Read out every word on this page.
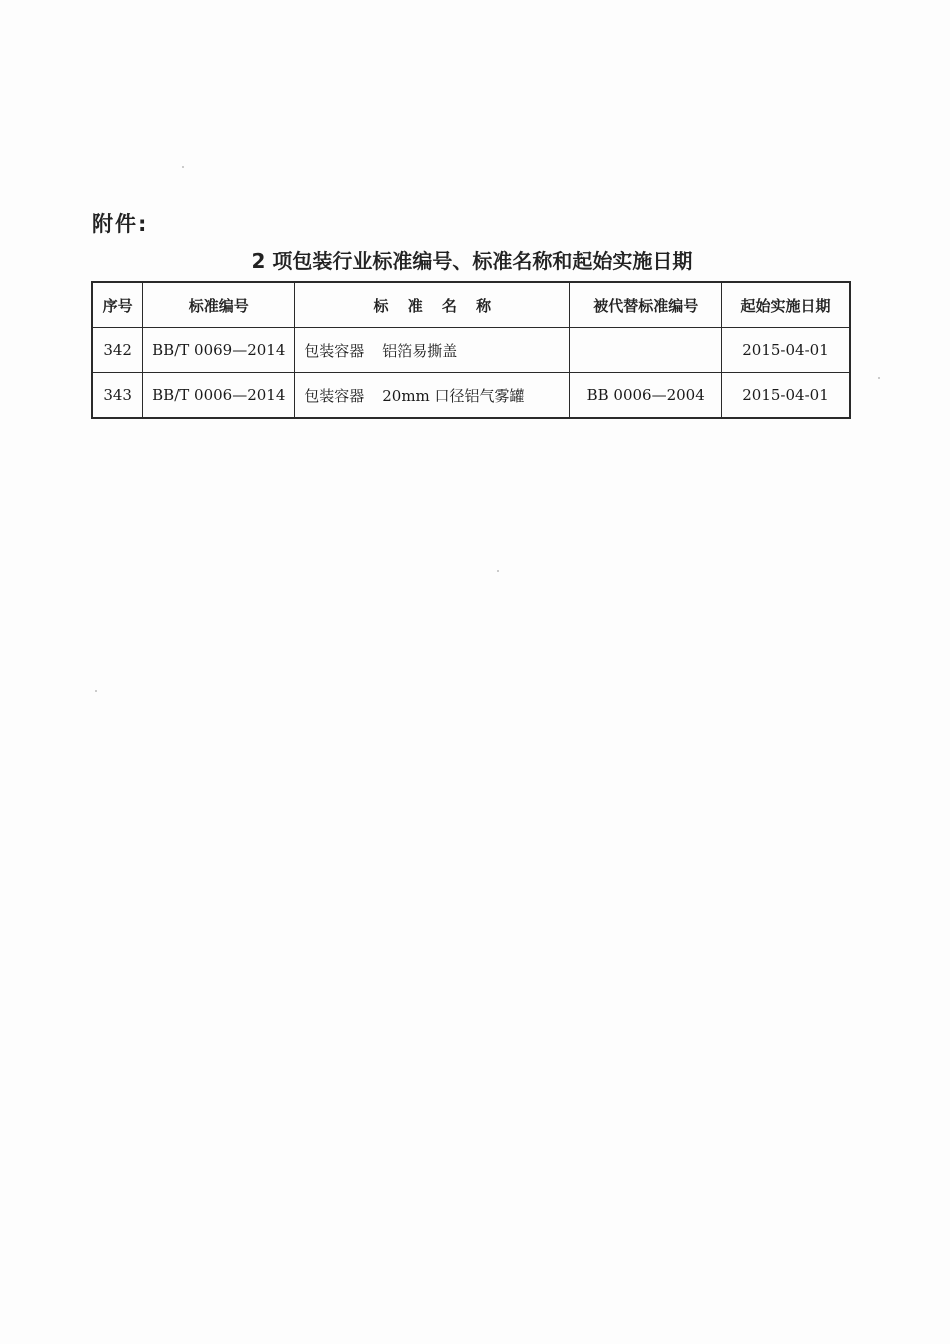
附件:
2 项包装行业标准编号、标准名称和起始实施日期
序号	标准编号	标 准 名 称	被代替标准编号	起始实施日期
342	BB/T 0069—2014	包装容器 铝箔易撕盖		2015-04-01
343	BB/T 0006—2014	包装容器 20mm 口径铝气雾罐	BB 0006—2004	2015-04-01
